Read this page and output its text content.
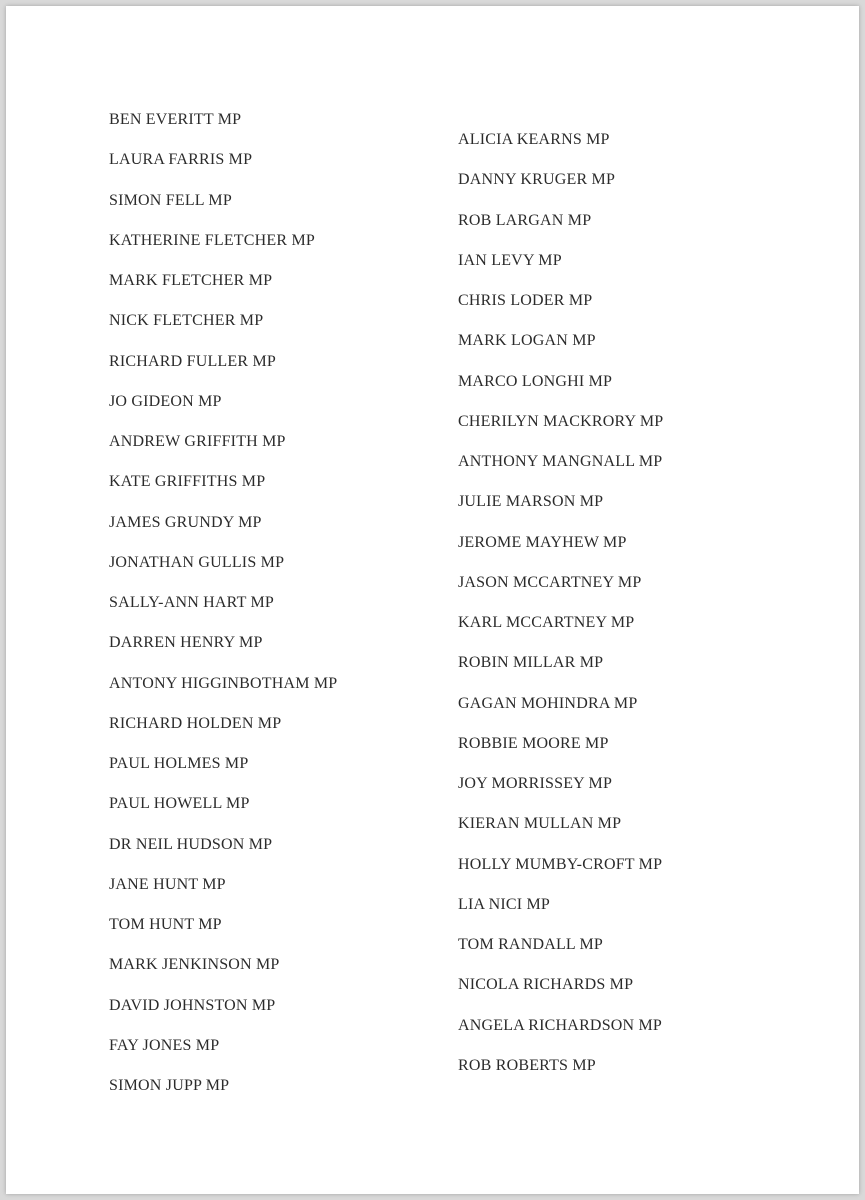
BEN EVERITT MP
LAURA FARRIS MP
SIMON FELL MP
KATHERINE FLETCHER MP
MARK FLETCHER MP
NICK FLETCHER MP
RICHARD FULLER MP
JO GIDEON MP
ANDREW GRIFFITH MP
KATE GRIFFITHS MP
JAMES GRUNDY MP
JONATHAN GULLIS MP
SALLY-ANN HART MP
DARREN HENRY MP
ANTONY HIGGINBOTHAM MP
RICHARD HOLDEN MP
PAUL HOLMES MP
PAUL HOWELL MP
DR NEIL HUDSON MP
JANE HUNT MP
TOM HUNT MP
MARK JENKINSON MP
DAVID JOHNSTON MP
FAY JONES MP
SIMON JUPP MP
ALICIA KEARNS MP
DANNY KRUGER MP
ROB LARGAN MP
IAN LEVY MP
CHRIS LODER MP
MARK LOGAN MP
MARCO LONGHI MP
CHERILYN MACKRORY MP
ANTHONY MANGNALL MP
JULIE MARSON MP
JEROME MAYHEW MP
JASON MCCARTNEY MP
KARL MCCARTNEY MP
ROBIN MILLAR MP
GAGAN MOHINDRA MP
ROBBIE MOORE MP
JOY MORRISSEY MP
KIERAN MULLAN MP
HOLLY MUMBY-CROFT MP
LIA NICI MP
TOM RANDALL MP
NICOLA RICHARDS MP
ANGELA RICHARDSON MP
ROB ROBERTS MP
